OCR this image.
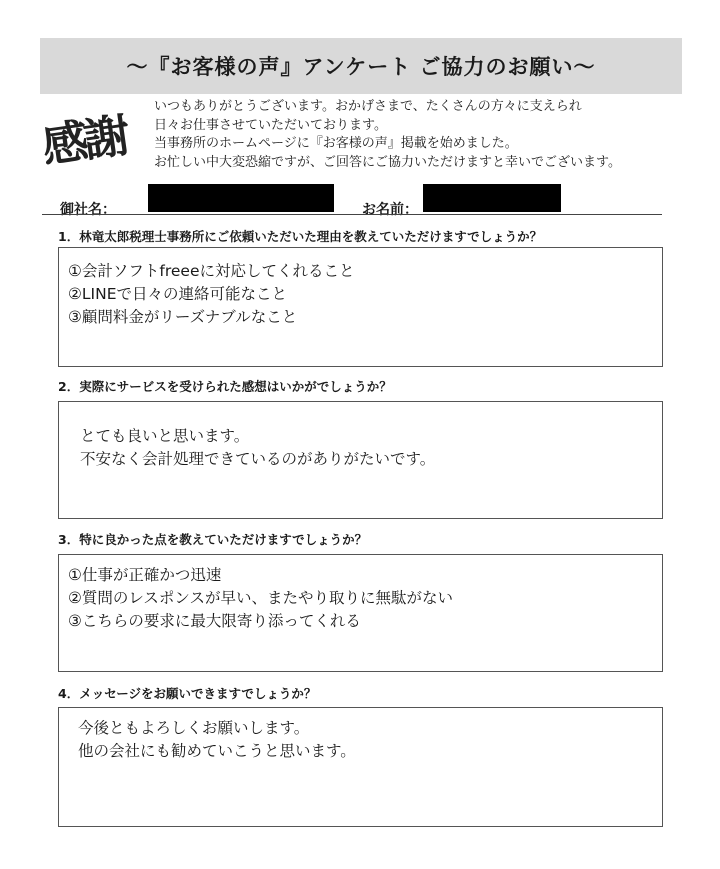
～『お客様の声』アンケート ご協力のお願い～
感謝
いつもありがとうございます。おかげさまで、たくさんの方々に支えられ
日々お仕事させていただいております。
当事務所のホームページに『お客様の声』掲載を始めました。
お忙しい中大変恐縮ですが、ご回答にご協力いただけますと幸いでございます。
御社名：	お名前：
1．林竜太郎税理士事務所にご依頼いただいた理由を教えていただけますでしょうか？
①会計ソフトfreeeに対応してくれること
②LINEで日々の連絡可能なこと
③顧問料金がリーズナブルなこと
2．実際にサービスを受けられた感想はいかがでしょうか？
とても良いと思います。
不安なく会計処理できているのがありがたいです。
3．特に良かった点を教えていただけますでしょうか？
①仕事が正確かつ迅速
②質問のレスポンスが早い、またやり取りに無駄がない
③こちらの要求に最大限寄り添ってくれる
4．メッセージをお願いできますでしょうか？
今後ともよろしくお願いします。
他の会社にも勧めていこうと思います。
